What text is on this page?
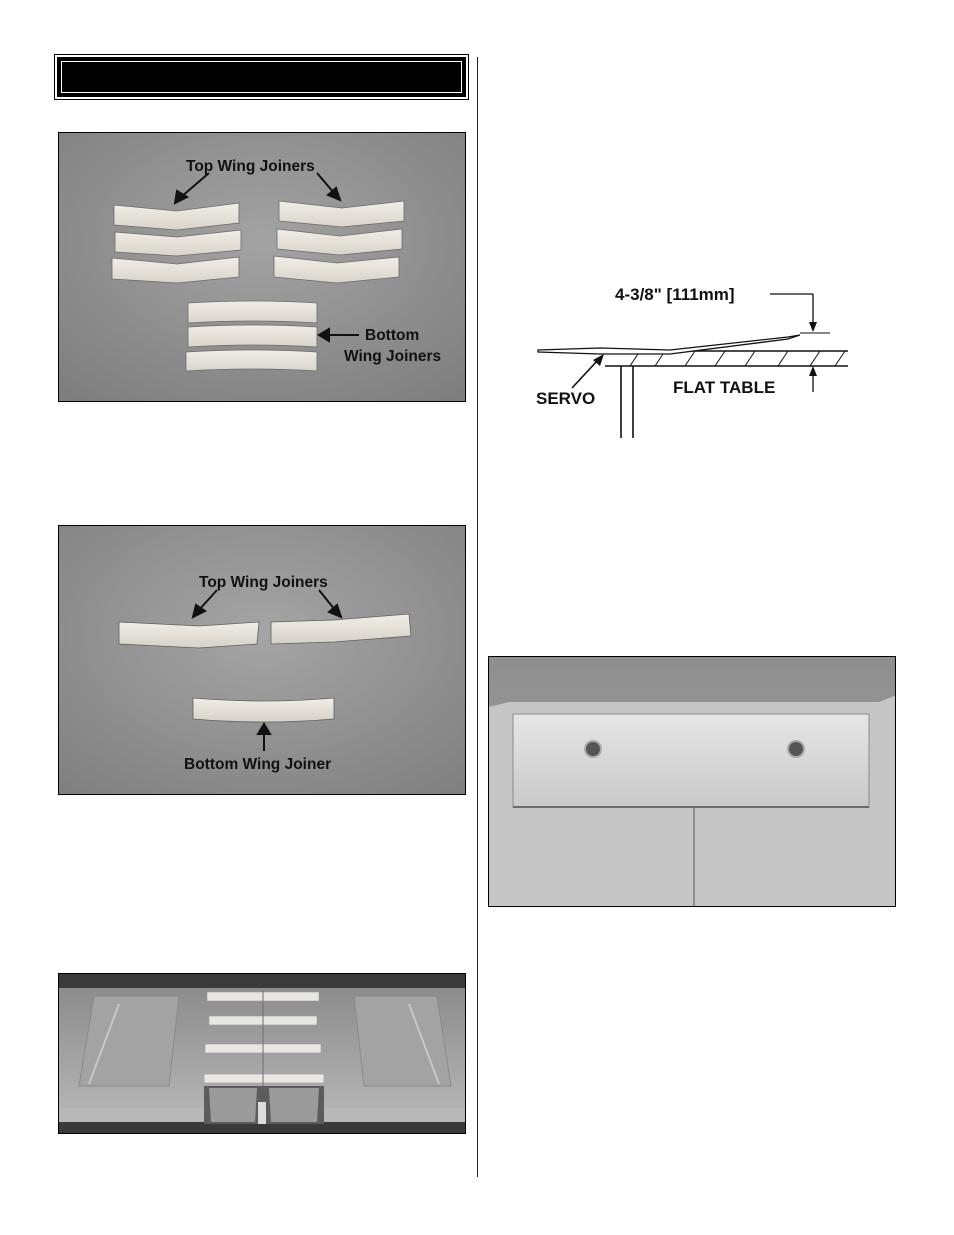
Top Wing Joiners
Bottom
Wing Joiners
Top Wing Joiners
Bottom Wing Joiner
4-3/8" [111mm]
SERVO
FLAT TABLE
